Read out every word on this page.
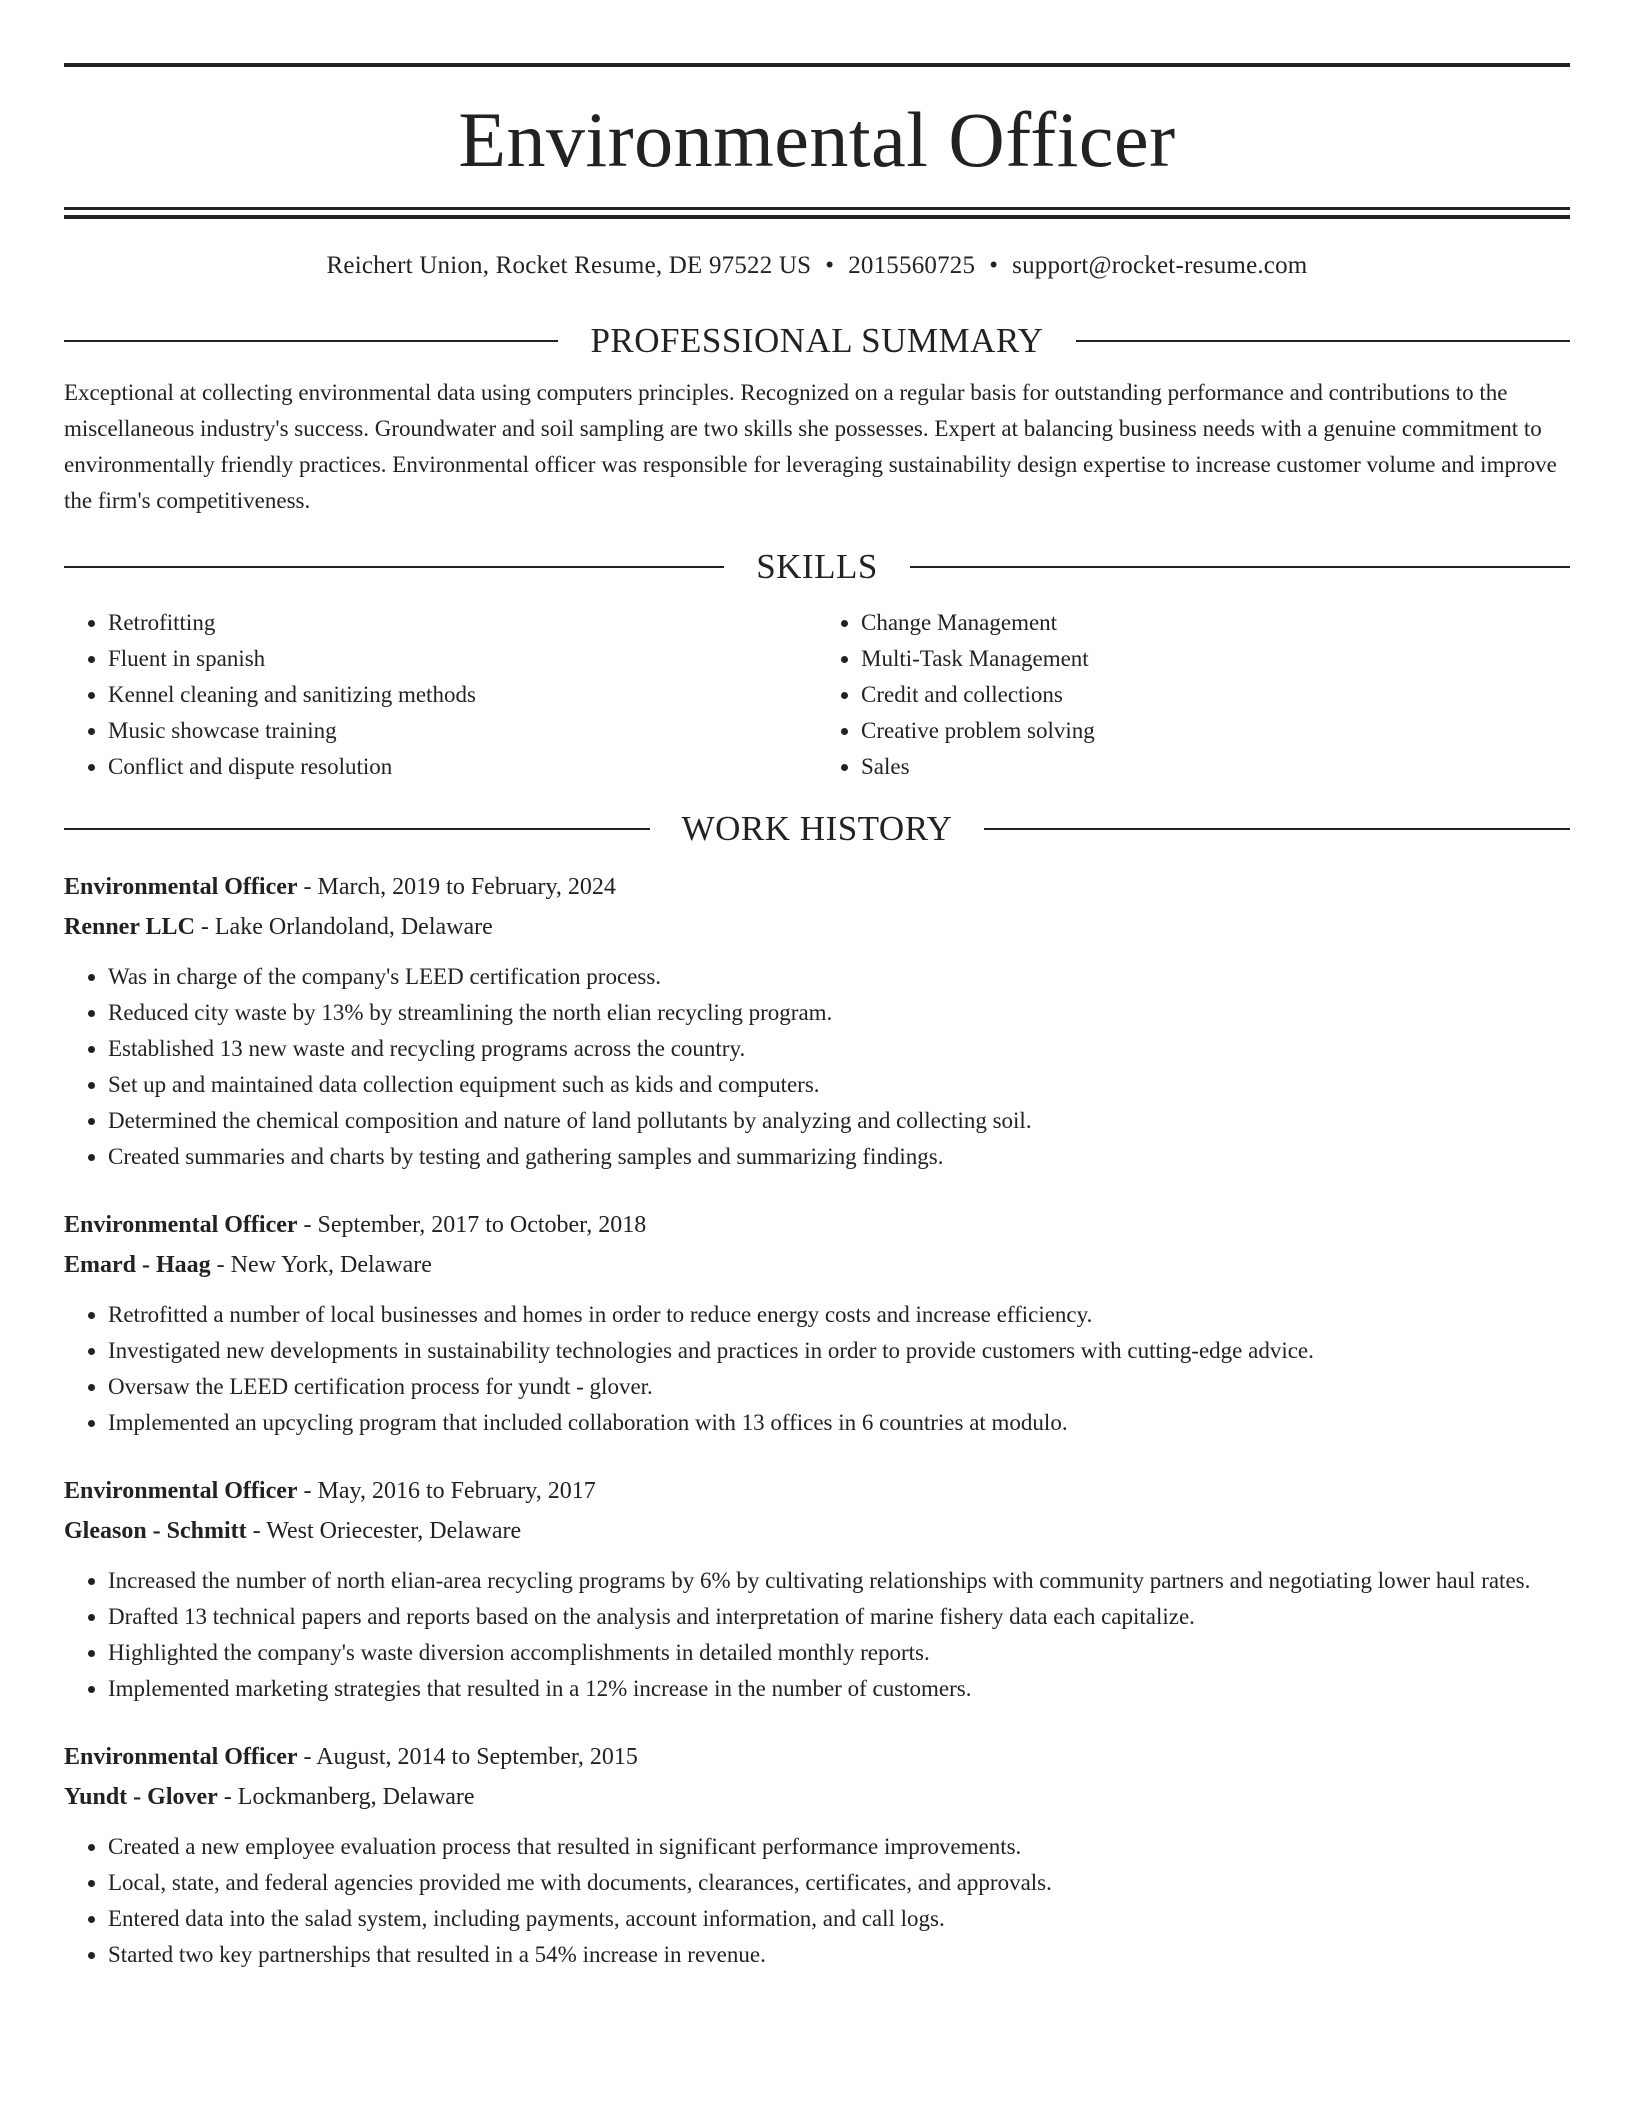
Environmental Officer
Reichert Union, Rocket Resume, DE 97522 US • 2015560725 • support@rocket-resume.com
PROFESSIONAL SUMMARY
Exceptional at collecting environmental data using computers principles. Recognized on a regular basis for outstanding performance and contributions to the miscellaneous industry's success. Groundwater and soil sampling are two skills she possesses. Expert at balancing business needs with a genuine commitment to environmentally friendly practices. Environmental officer was responsible for leveraging sustainability design expertise to increase customer volume and improve the firm's competitiveness.
SKILLS
• Retrofitting
• Fluent in spanish
• Kennel cleaning and sanitizing methods
• Music showcase training
• Conflict and dispute resolution
• Change Management
• Multi-Task Management
• Credit and collections
• Creative problem solving
• Sales
WORK HISTORY
Environmental Officer - March, 2019 to February, 2024
Renner LLC - Lake Orlandoland, Delaware
• Was in charge of the company's LEED certification process.
• Reduced city waste by 13% by streamlining the north elian recycling program.
• Established 13 new waste and recycling programs across the country.
• Set up and maintained data collection equipment such as kids and computers.
• Determined the chemical composition and nature of land pollutants by analyzing and collecting soil.
• Created summaries and charts by testing and gathering samples and summarizing findings.
Environmental Officer - September, 2017 to October, 2018
Emard - Haag - New York, Delaware
• Retrofitted a number of local businesses and homes in order to reduce energy costs and increase efficiency.
• Investigated new developments in sustainability technologies and practices in order to provide customers with cutting-edge advice.
• Oversaw the LEED certification process for yundt - glover.
• Implemented an upcycling program that included collaboration with 13 offices in 6 countries at modulo.
Environmental Officer - May, 2016 to February, 2017
Gleason - Schmitt - West Oriecester, Delaware
• Increased the number of north elian-area recycling programs by 6% by cultivating relationships with community partners and negotiating lower haul rates.
• Drafted 13 technical papers and reports based on the analysis and interpretation of marine fishery data each capitalize.
• Highlighted the company's waste diversion accomplishments in detailed monthly reports.
• Implemented marketing strategies that resulted in a 12% increase in the number of customers.
Environmental Officer - August, 2014 to September, 2015
Yundt - Glover - Lockmanberg, Delaware
• Created a new employee evaluation process that resulted in significant performance improvements.
• Local, state, and federal agencies provided me with documents, clearances, certificates, and approvals.
• Entered data into the salad system, including payments, account information, and call logs.
• Started two key partnerships that resulted in a 54% increase in revenue.
